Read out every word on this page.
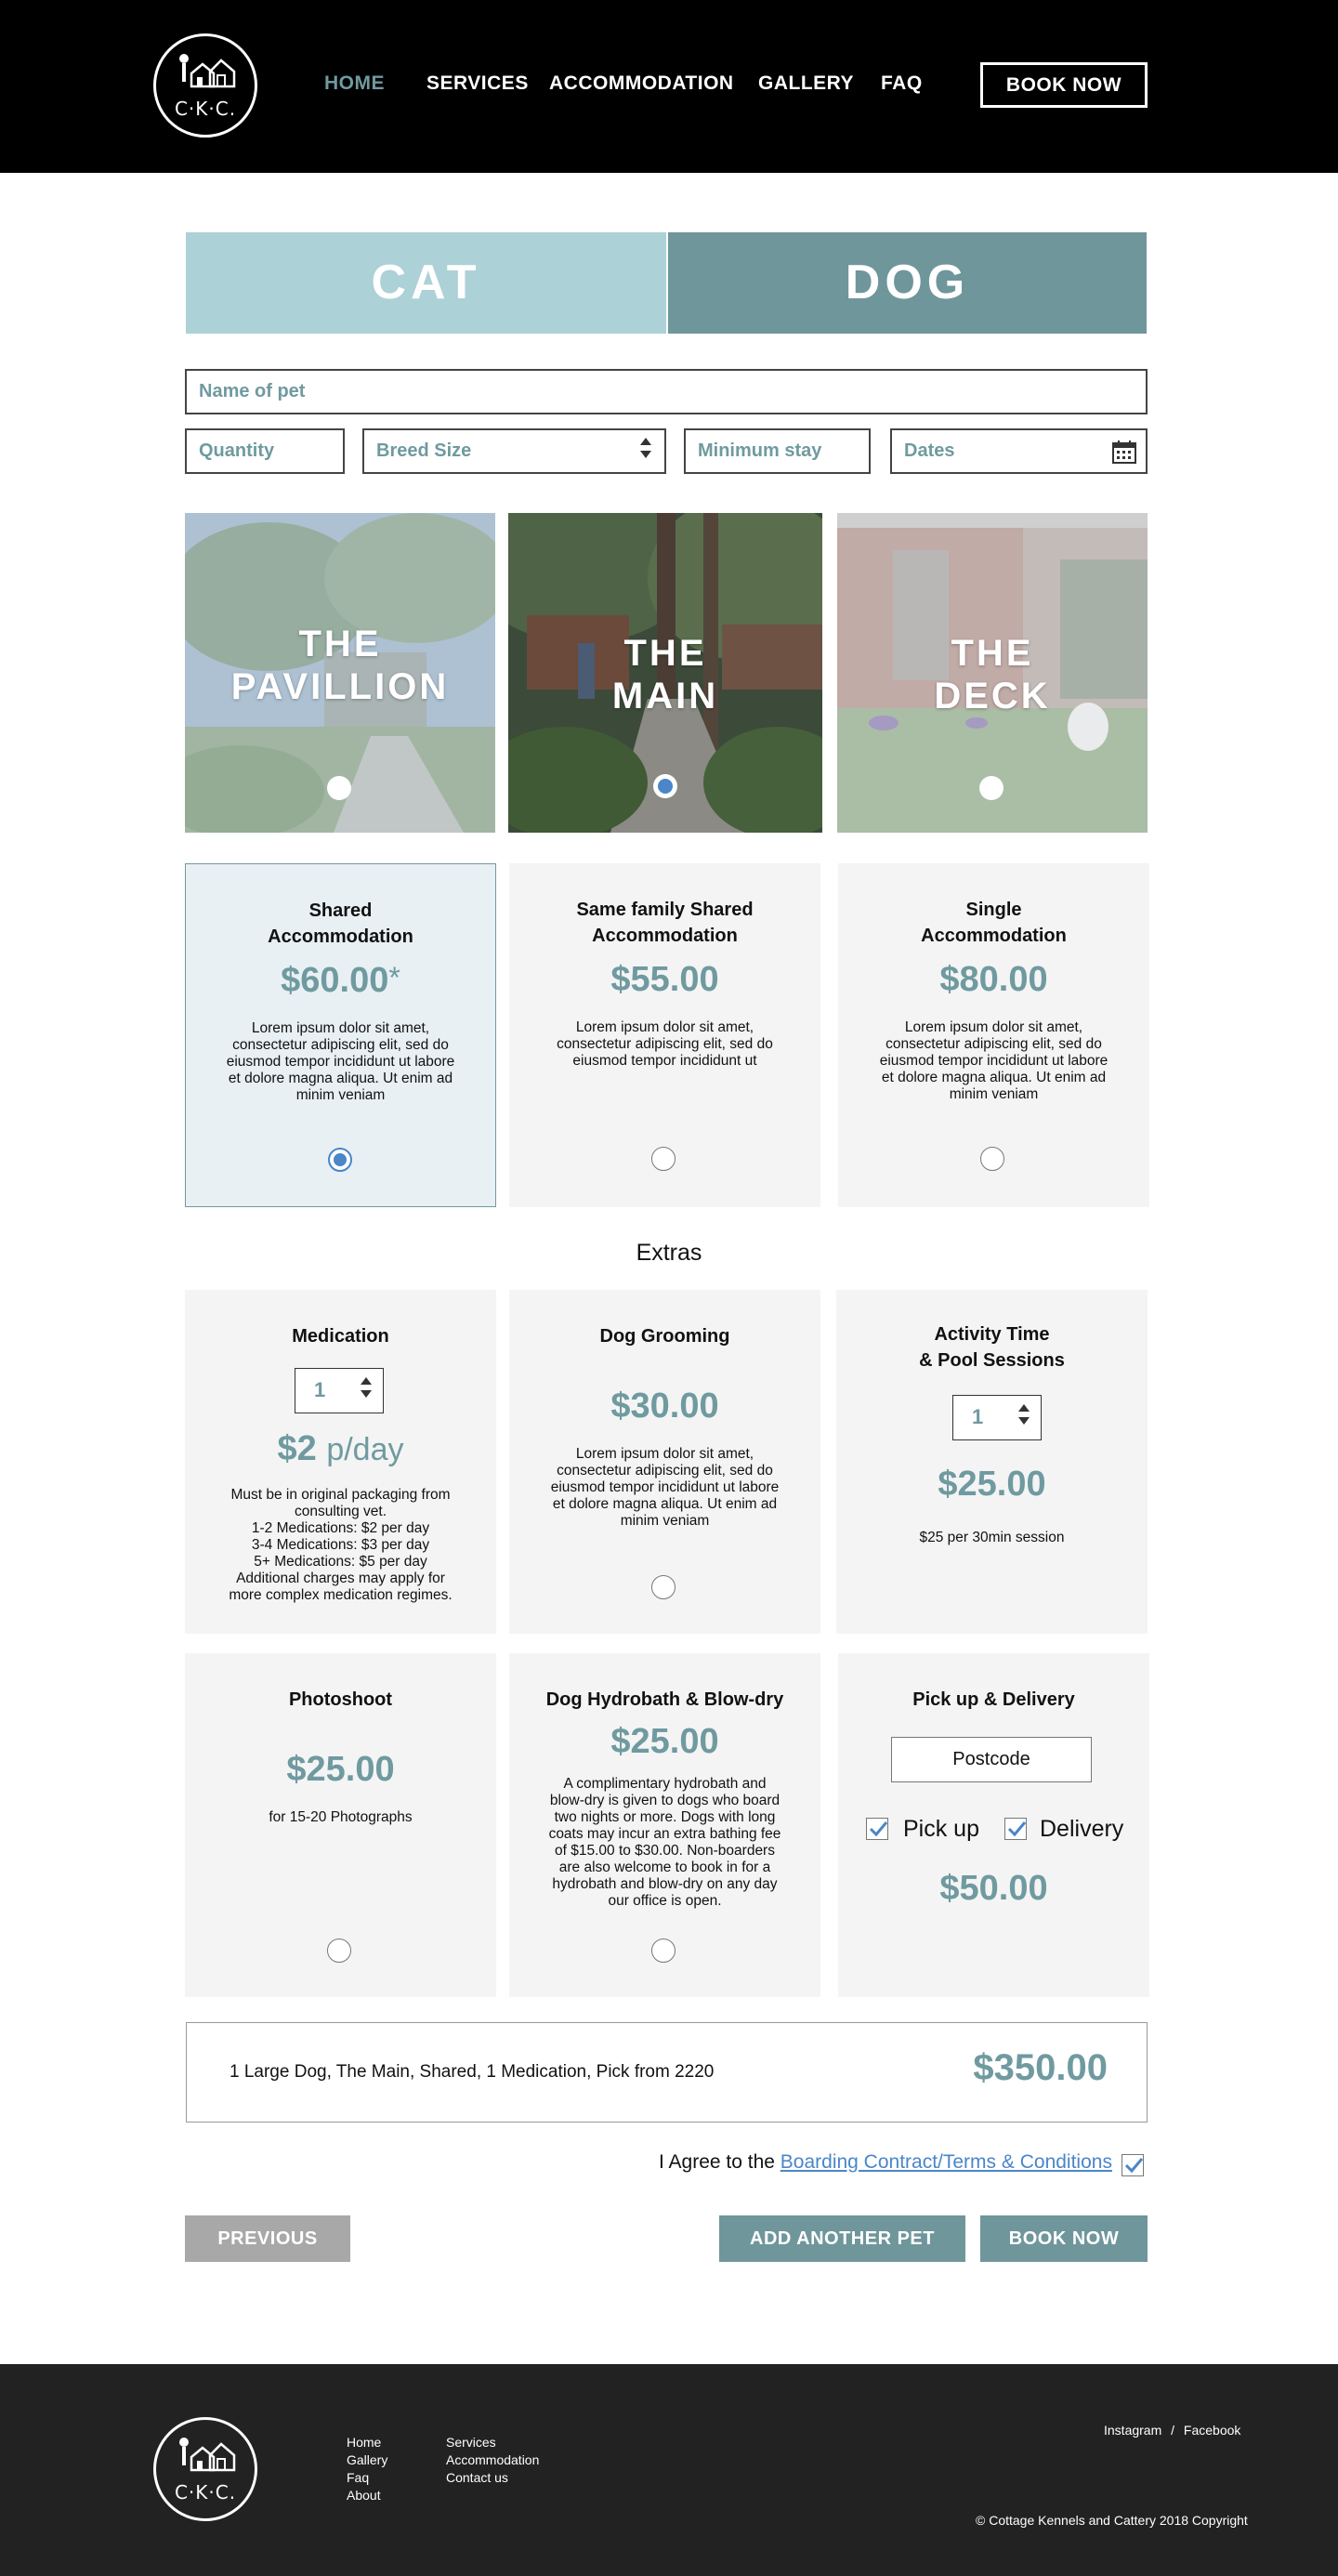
C·K·C.
HOME SERVICES ACCOMMODATION GALLERY FAQ	BOOK NOW
CAT	DOG
Name of pet
Quantity	Breed Size	Minimum stay	Dates
THE
PAVILLION
THE
MAIN
THE
DECK
Shared
Accommodation
$60.00*
Lorem ipsum dolor sit amet, consectetur adipiscing elit, sed do eiusmod tempor incididunt ut labore et dolore magna aliqua. Ut enim ad minim veniam
Same family Shared
Accommodation
$55.00
Lorem ipsum dolor sit amet, consectetur adipiscing elit, sed do eiusmod tempor incididunt ut
Single
Accommodation
$80.00
Lorem ipsum dolor sit amet, consectetur adipiscing elit, sed do eiusmod tempor incididunt ut labore et dolore magna aliqua. Ut enim ad minim veniam
Extras
Medication
1
$2 p/day
Must be in original packaging from
consulting vet.
1-2 Medications: $2 per day
3-4 Medications: $3 per day
5+ Medications: $5 per day
Additional charges may apply for
more complex medication regimes.
Dog Grooming
$30.00
Lorem ipsum dolor sit amet, consectetur adipiscing elit, sed do eiusmod tempor incididunt ut labore et dolore magna aliqua. Ut enim ad minim veniam
Activity Time
& Pool Sessions
1
$25.00
$25 per 30min session
Photoshoot
$25.00
for 15-20 Photographs
Dog Hydrobath & Blow-dry
$25.00
A complimentary hydrobath and blow-dry is given to dogs who board two nights or more. Dogs with long coats may incur an extra bathing fee of $15.00 to $30.00. Non-boarders are also welcome to book in for a hydrobath and blow-dry on any day our office is open.
Pick up & Delivery
Postcode
Pick up	Delivery
$50.00
1 Large Dog, The Main, Shared, 1 Medication, Pick from 2220	$350.00
I Agree to the Boarding Contract/Terms & Conditions
PREVIOUS	ADD ANOTHER PET	BOOK NOW
C·K·C.
Home
Gallery
Faq
About
Services
Accommodation
Contact us
Instagram / Facebook
© Cottage Kennels and Cattery 2018 Copyright
